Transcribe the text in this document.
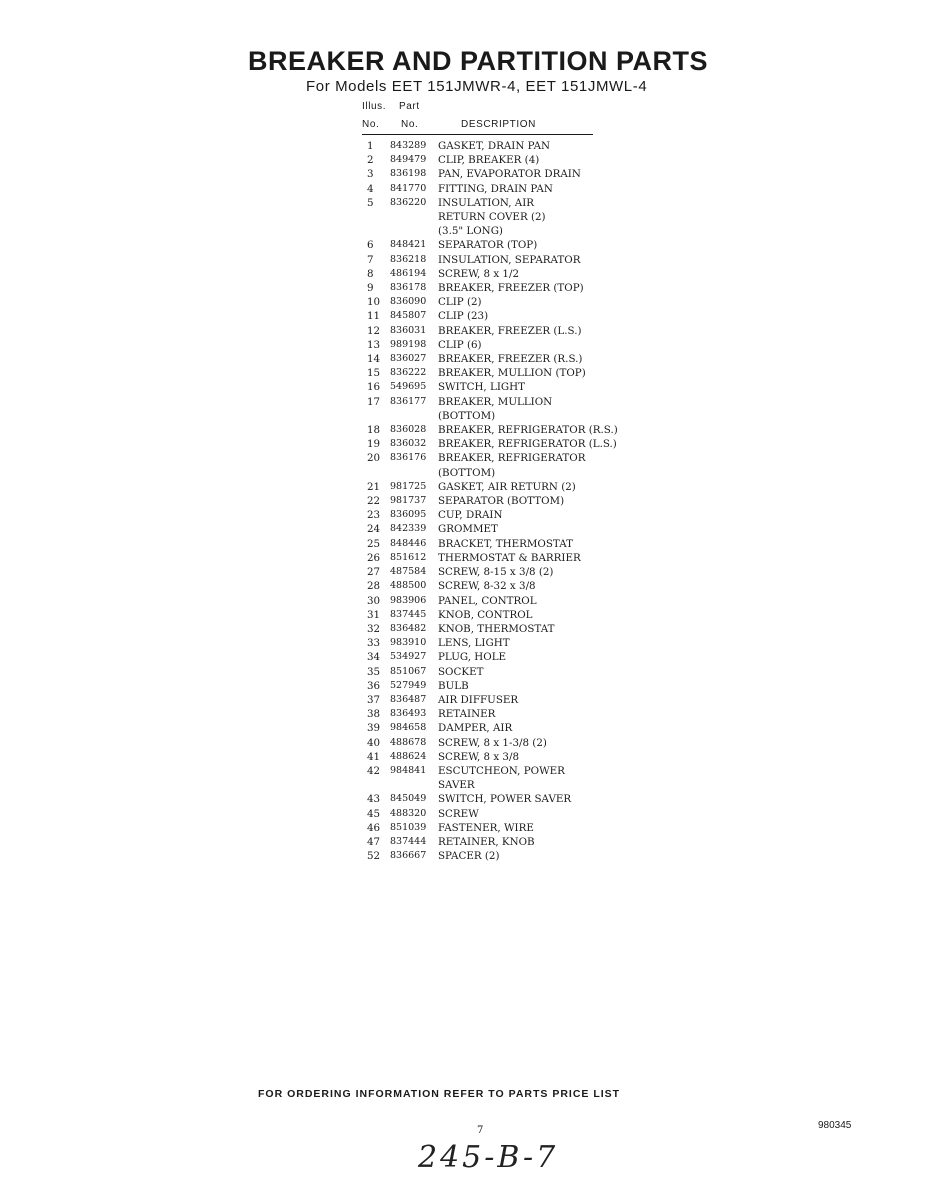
BREAKER AND PARTITION PARTS
For Models EET 151JMWR-4, EET 151JMWL-4
Illus. Part
No. No.	DESCRIPTION
1	843289	GASKET, DRAIN PAN
2	849479	CLIP, BREAKER (4)
3	836198	PAN, EVAPORATOR DRAIN
4	841770	FITTING, DRAIN PAN
5	836220	INSULATION, AIR
RETURN COVER (2)
(3.5" LONG)
6	848421	SEPARATOR (TOP)
7	836218	INSULATION, SEPARATOR
8	486194	SCREW, 8 x 1/2
9	836178	BREAKER, FREEZER (TOP)
10	836090	CLIP (2)
11	845807	CLIP (23)
12	836031	BREAKER, FREEZER (L.S.)
13	989198	CLIP (6)
14	836027	BREAKER, FREEZER (R.S.)
15	836222	BREAKER, MULLION (TOP)
16	549695	SWITCH, LIGHT
17	836177	BREAKER, MULLION
(BOTTOM)
18	836028	BREAKER, REFRIGERATOR (R.S.)
19	836032	BREAKER, REFRIGERATOR (L.S.)
20	836176	BREAKER, REFRIGERATOR
(BOTTOM)
21	981725	GASKET, AIR RETURN (2)
22	981737	SEPARATOR (BOTTOM)
23	836095	CUP, DRAIN
24	842339	GROMMET
25	848446	BRACKET, THERMOSTAT
26	851612	THERMOSTAT & BARRIER
27	487584	SCREW, 8-15 x 3/8 (2)
28	488500	SCREW, 8-32 x 3/8
30	983906	PANEL, CONTROL
31	837445	KNOB, CONTROL
32	836482	KNOB, THERMOSTAT
33	983910	LENS, LIGHT
34	534927	PLUG, HOLE
35	851067	SOCKET
36	527949	BULB
37	836487	AIR DIFFUSER
38	836493	RETAINER
39	984658	DAMPER, AIR
40	488678	SCREW, 8 x 1-3/8 (2)
41	488624	SCREW, 8 x 3/8
42	984841	ESCUTCHEON, POWER
SAVER
43	845049	SWITCH, POWER SAVER
45	488320	SCREW
46	851039	FASTENER, WIRE
47	837444	RETAINER, KNOB
52	836667	SPACER (2)
FOR ORDERING INFORMATION REFER TO PARTS PRICE LIST
7	980345
245-B-7
